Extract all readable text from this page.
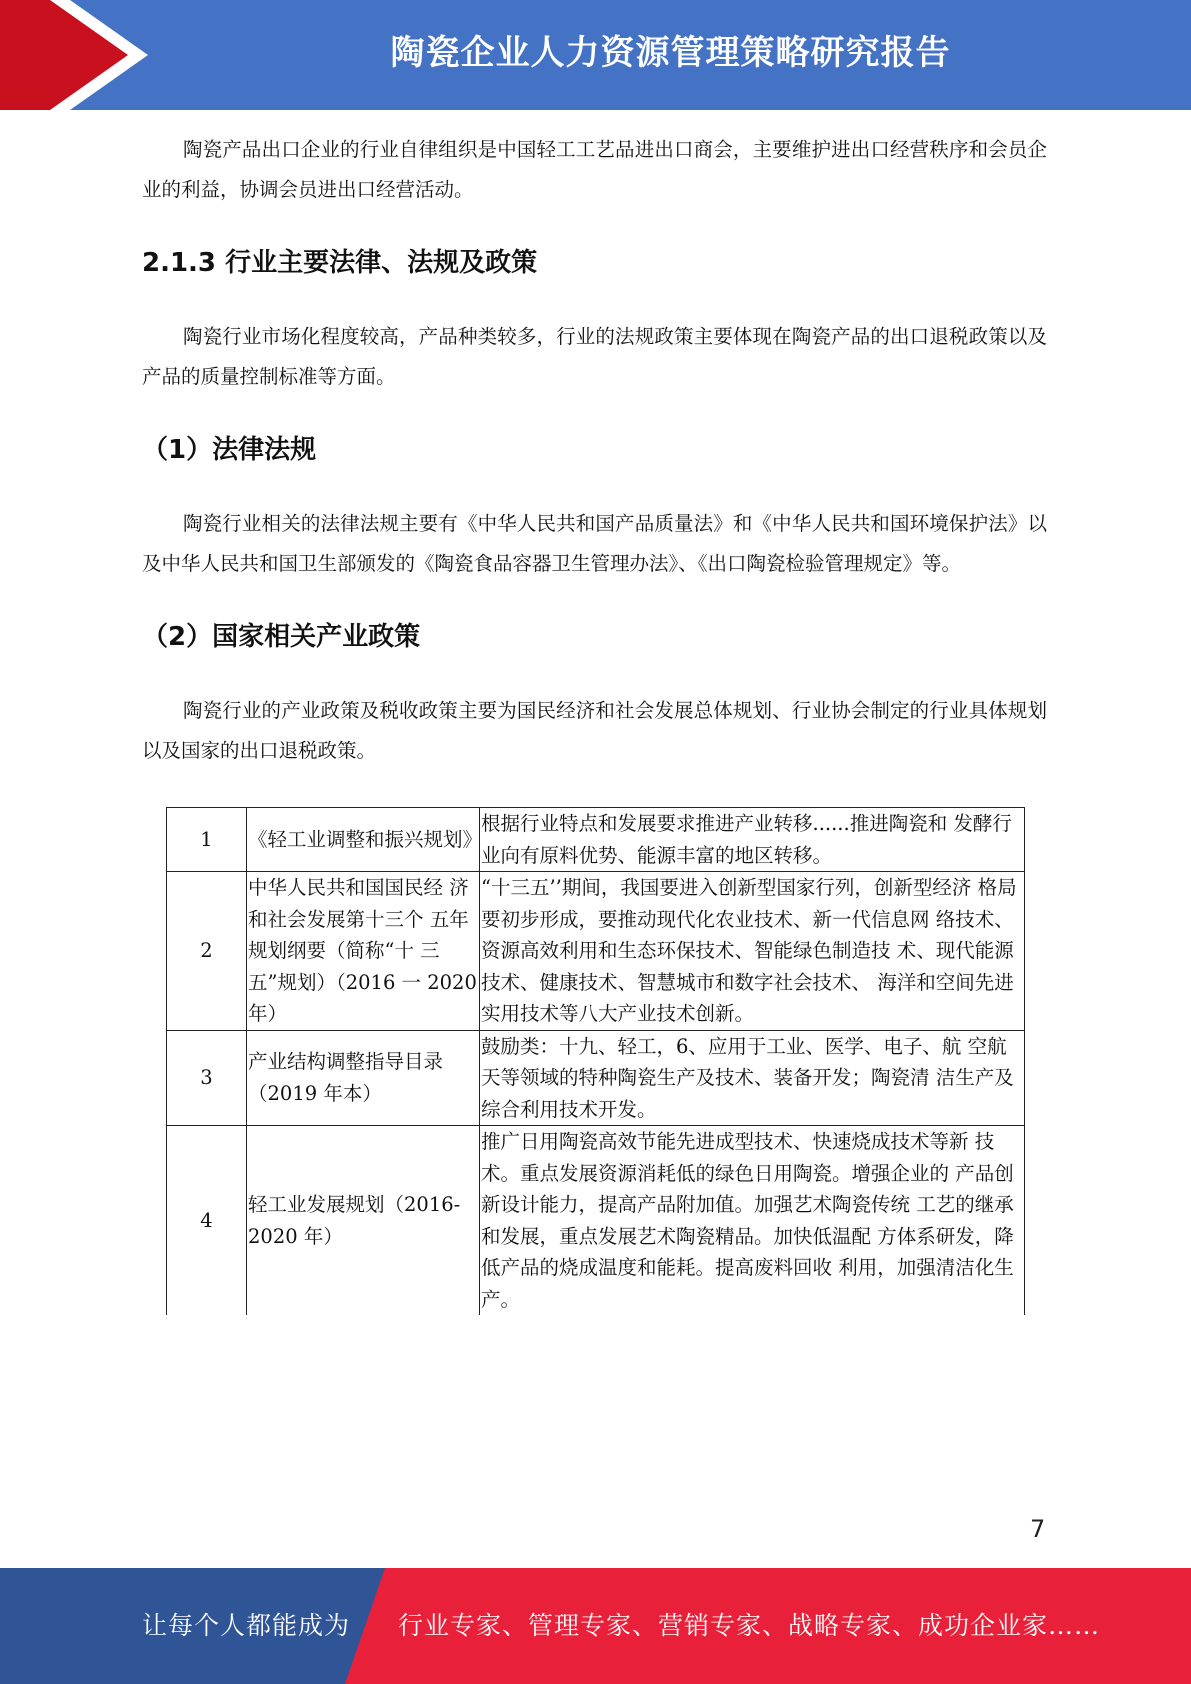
陶瓷企业人力资源管理策略研究报告

陶瓷产品出口企业的行业自律组织是中国轻工工艺品进出口商会，主要维护进出口经营秩序和会员企业的利益，协调会员进出口经营活动。

2.1.3 行业主要法律、法规及政策

陶瓷行业市场化程度较高，产品种类较多，行业的法规政策主要体现在陶瓷产品的出口退税政策以及产品的质量控制标准等方面。

（1）法律法规

陶瓷行业相关的法律法规主要有《中华人民共和国产品质量法》和《中华人民共和国环境保护法》以及中华人民共和国卫生部颁发的《陶瓷食品容器卫生管理办法》、《出口陶瓷检验管理规定》等。

（2）国家相关产业政策

陶瓷行业的产业政策及税收政策主要为国民经济和社会发展总体规划、行业协会制定的行业具体规划以及国家的出口退税政策。

1	《轻工业调整和振兴规划》	根据行业特点和发展要求推进产业转移......推进陶瓷和 发酵行业向有原料优势、能源丰富的地区转移。
2	中华人民共和国国民经 济和社会发展第十三个 五年规划纲要（简称“十 三五”规划）（2016 一 2020 年）	“十三五’’期间，我国要进入创新型国家行列，创新型经济 格局要初步形成，要推动现代化农业技术、新一代信息网 络技术、资源高效利用和生态环保技术、智能绿色制造技 术、现代能源技术、健康技术、智慧城市和数字社会技术、 海洋和空间先进实用技术等八大产业技术创新。
3	产业结构调整指导目录（2019 年本）	鼓励类：十九、轻工，6、应用于工业、医学、电子、航 空航天等领域的特种陶瓷生产及技术、装备开发；陶瓷清 洁生产及综合利用技术开发。
4	轻工业发展规划（2016-2020 年）	推广日用陶瓷高效节能先进成型技术、快速烧成技术等新 技术。重点发展资源消耗低的绿色日用陶瓷。增强企业的 产品创新设计能力，提高产品附加值。加强艺术陶瓷传统 工艺的继承和发展，重点发展艺术陶瓷精品。加快低温配 方体系研发，降低产品的烧成温度和能耗。提高废料回收 利用，加强清洁化生产。
7
让每个人都能成为 行业专家、管理专家、营销专家、战略专家、成功企业家……
